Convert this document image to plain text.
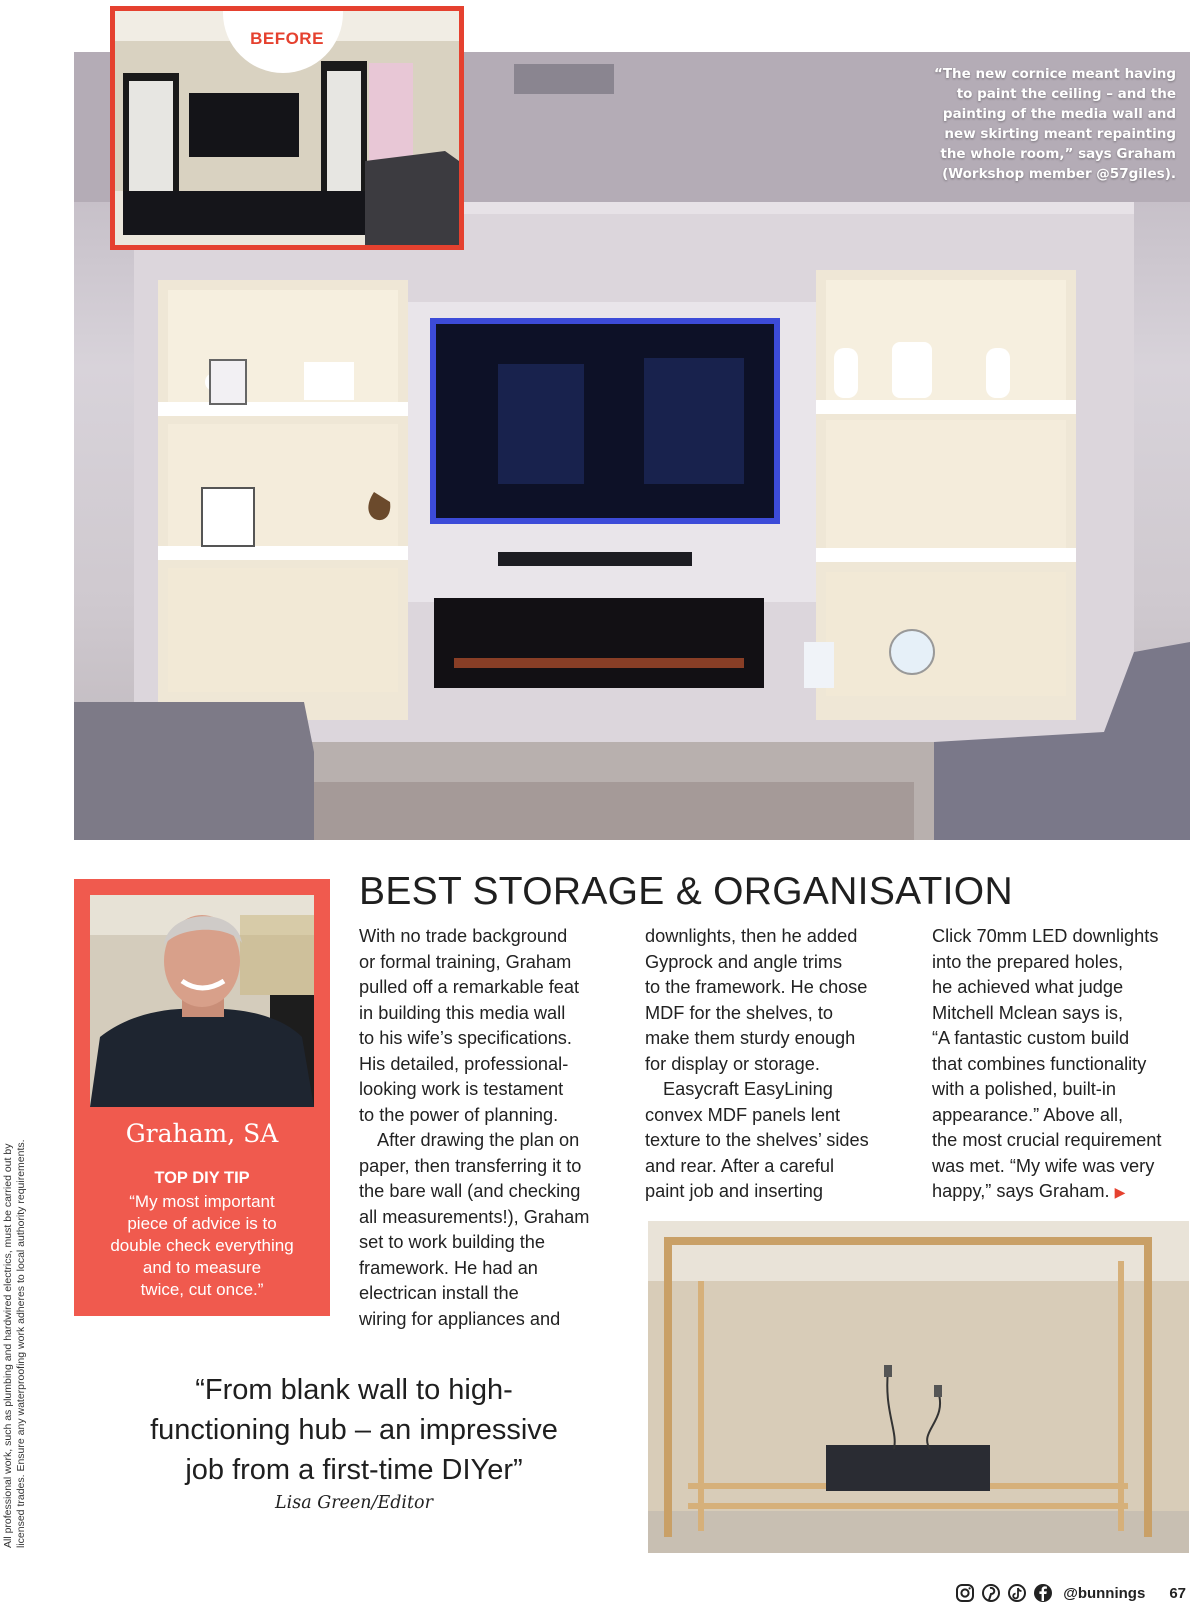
“The new cornice meant having
to paint the ceiling – and the
painting of the media wall and
new skirting meant repainting
the whole room,” says Graham
(Workshop member @57giles).
BEFORE
Graham, SA
TOP DIY TIP
“My most important
piece of advice is to
double check everything
and to measure
twice, cut once.”
BEST STORAGE & ORGANISATION
With no trade background
or formal training, Graham
pulled off a remarkable feat
in building this media wall
to his wife’s specifications.
His detailed, professional-
looking work is testament
to the power of planning.
After drawing the plan on
paper, then transferring it to
the bare wall (and checking
all measurements!), Graham
set to work building the
framework. He had an
electrican install the
wiring for appliances and
downlights, then he added
Gyprock and angle trims
to the framework. He chose
MDF for the shelves, to
make them sturdy enough
for display or storage.
Easycraft EasyLining
convex MDF panels lent
texture to the shelves’ sides
and rear. After a careful
paint job and inserting
Click 70mm LED downlights
into the prepared holes,
he achieved what judge
Mitchell Mclean says is,
“A fantastic custom build
that combines functionality
with a polished, built-in
appearance.” Above all,
the most crucial requirement
was met. “My wife was very
happy,” says Graham. ▶
“From blank wall to high-
functioning hub – an impressive
job from a first-time DIYer”
Lisa Green/Editor
All professional work, such as plumbing and hardwired electrics, must be carried out by licensed trades. Ensure any waterproofing work adheres to local authority requirements.
@bunnings 67
